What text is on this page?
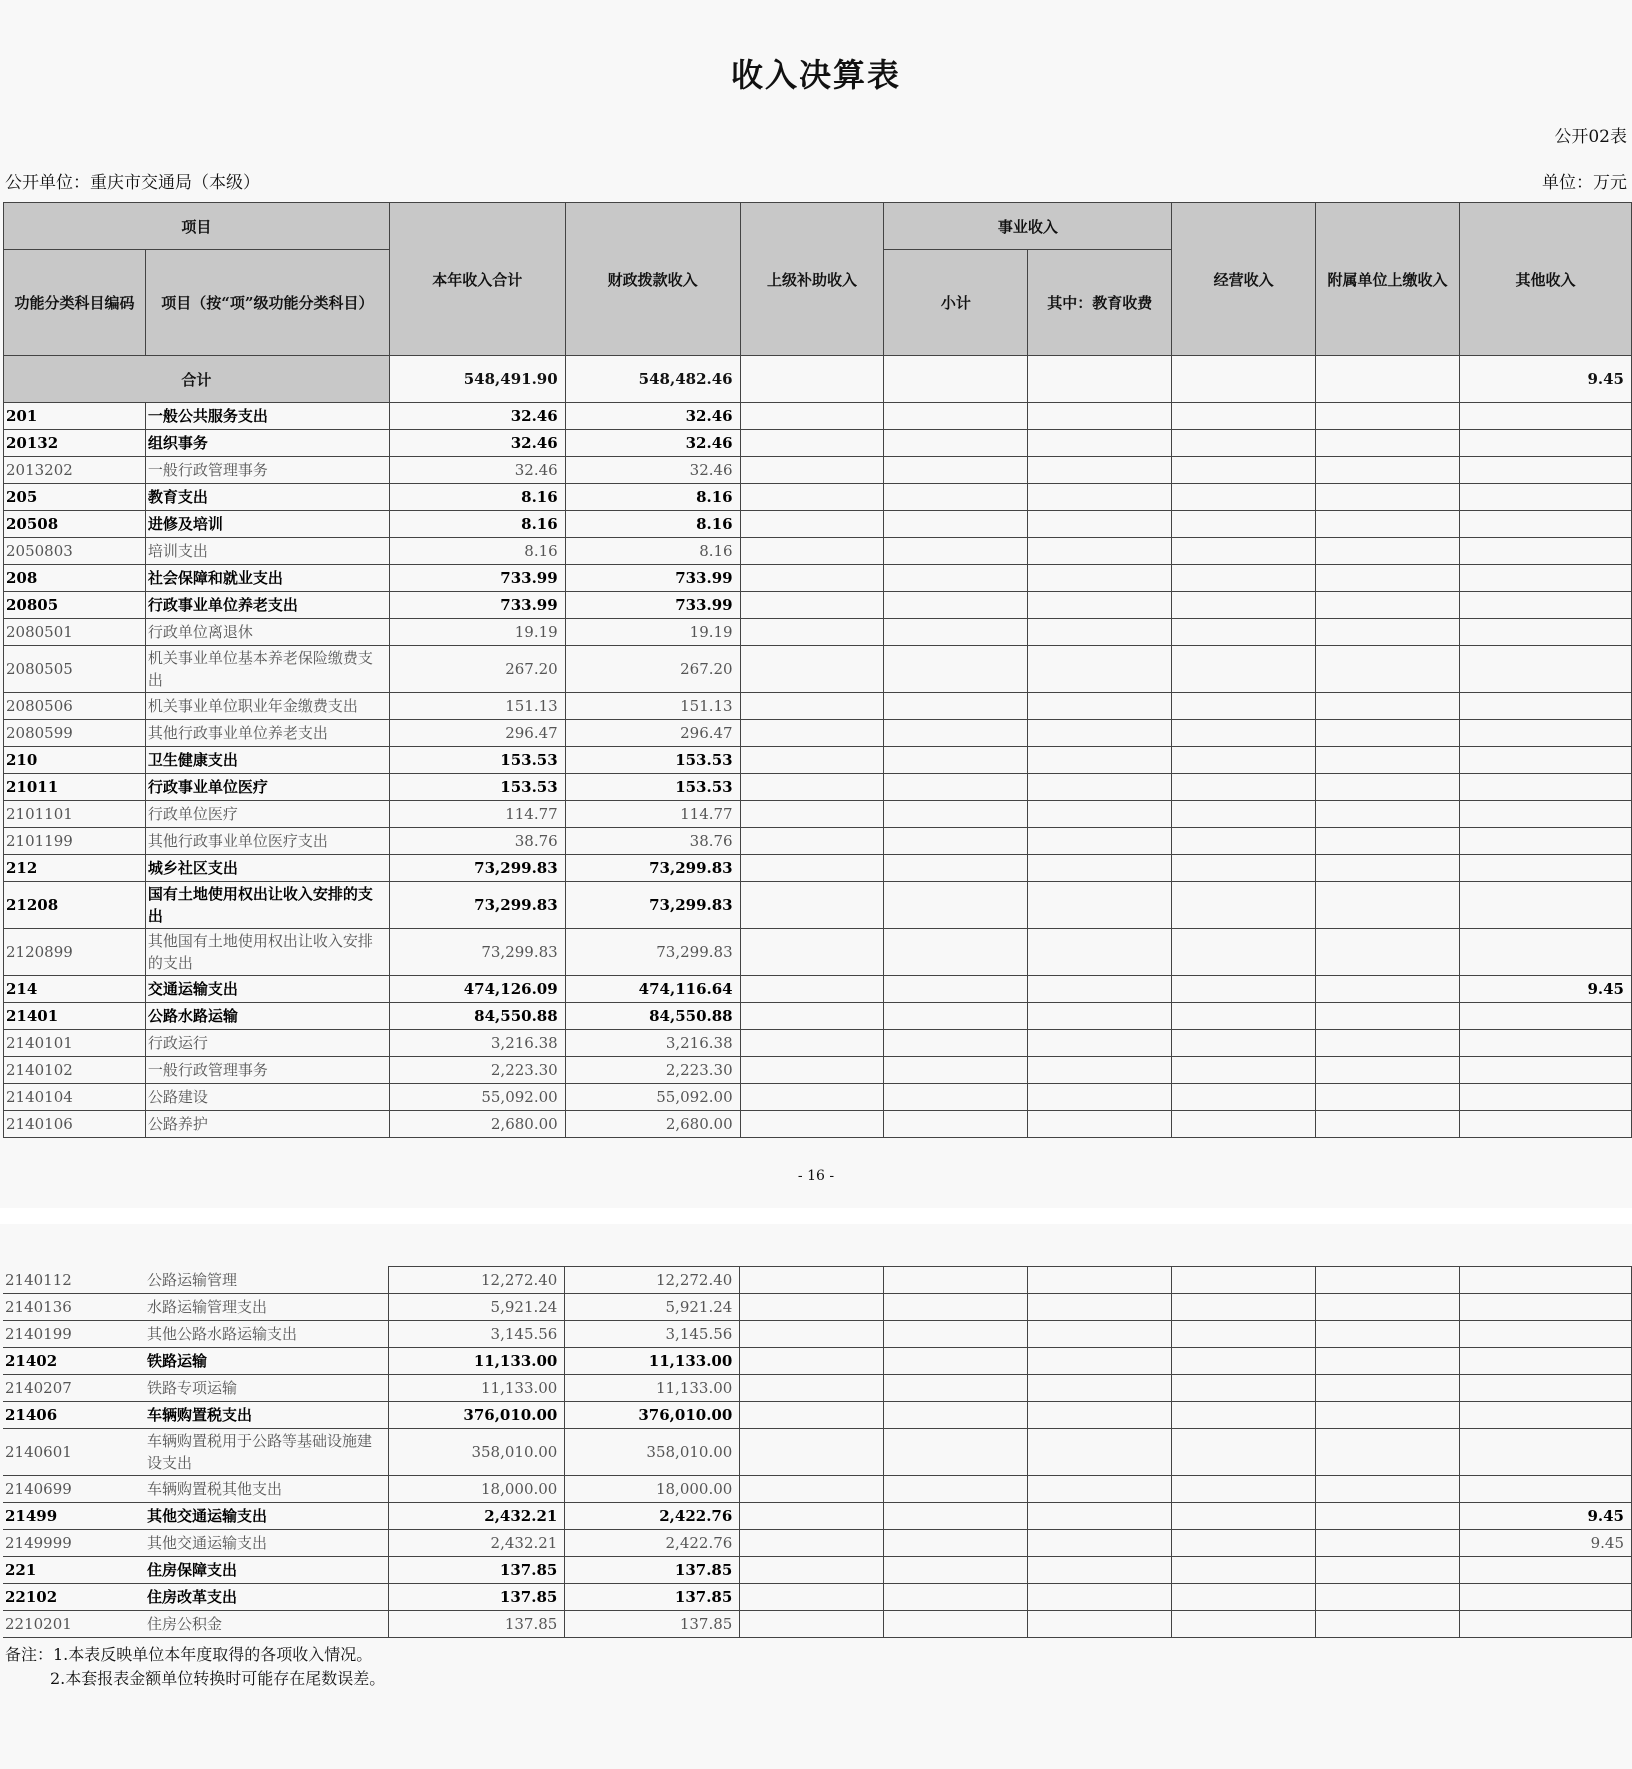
收入决算表
公开02表
公开单位：重庆市交通局（本级）	单位：万元
项目		本年收入合计	财政拨款收入	上级补助收入	事业收入		经营收入	附属单位上缴收入	其他收入
功能分类科目编码	项目（按“项”级功能分类科目）				小计	其中：教育收费			
合计		548,491.90	548,482.46						9.45
201	一般公共服务支出	32.46	32.46						
20132	组织事务	32.46	32.46						
2013202	一般行政管理事务	32.46	32.46						
205	教育支出	8.16	8.16						
20508	进修及培训	8.16	8.16						
2050803	培训支出	8.16	8.16						
208	社会保障和就业支出	733.99	733.99						
20805	行政事业单位养老支出	733.99	733.99						
2080501	行政单位离退休	19.19	19.19						
2080505	机关事业单位基本养老保险缴费支出	267.20	267.20						
2080506	机关事业单位职业年金缴费支出	151.13	151.13						
2080599	其他行政事业单位养老支出	296.47	296.47						
210	卫生健康支出	153.53	153.53						
21011	行政事业单位医疗	153.53	153.53						
2101101	行政单位医疗	114.77	114.77						
2101199	其他行政事业单位医疗支出	38.76	38.76						
212	城乡社区支出	73,299.83	73,299.83						
21208	国有土地使用权出让收入安排的支出	73,299.83	73,299.83						
2120899	其他国有土地使用权出让收入安排的支出	73,299.83	73,299.83						
214	交通运输支出	474,126.09	474,116.64						9.45
21401	公路水路运输	84,550.88	84,550.88						
2140101	行政运行	3,216.38	3,216.38						
2140102	一般行政管理事务	2,223.30	2,223.30						
2140104	公路建设	55,092.00	55,092.00						
2140106	公路养护	2,680.00	2,680.00						
- 16 -
2140112	公路运输管理	12,272.40	12,272.40						
2140136	水路运输管理支出	5,921.24	5,921.24						
2140199	其他公路水路运输支出	3,145.56	3,145.56						
21402	铁路运输	11,133.00	11,133.00						
2140207	铁路专项运输	11,133.00	11,133.00						
21406	车辆购置税支出	376,010.00	376,010.00						
2140601	车辆购置税用于公路等基础设施建设支出	358,010.00	358,010.00						
2140699	车辆购置税其他支出	18,000.00	18,000.00						
21499	其他交通运输支出	2,432.21	2,422.76						9.45
2149999	其他交通运输支出	2,432.21	2,422.76						9.45
221	住房保障支出	137.85	137.85						
22102	住房改革支出	137.85	137.85						
2210201	住房公积金	137.85	137.85						
备注：1.本表反映单位本年度取得的各项收入情况。
2.本套报表金额单位转换时可能存在尾数误差。
